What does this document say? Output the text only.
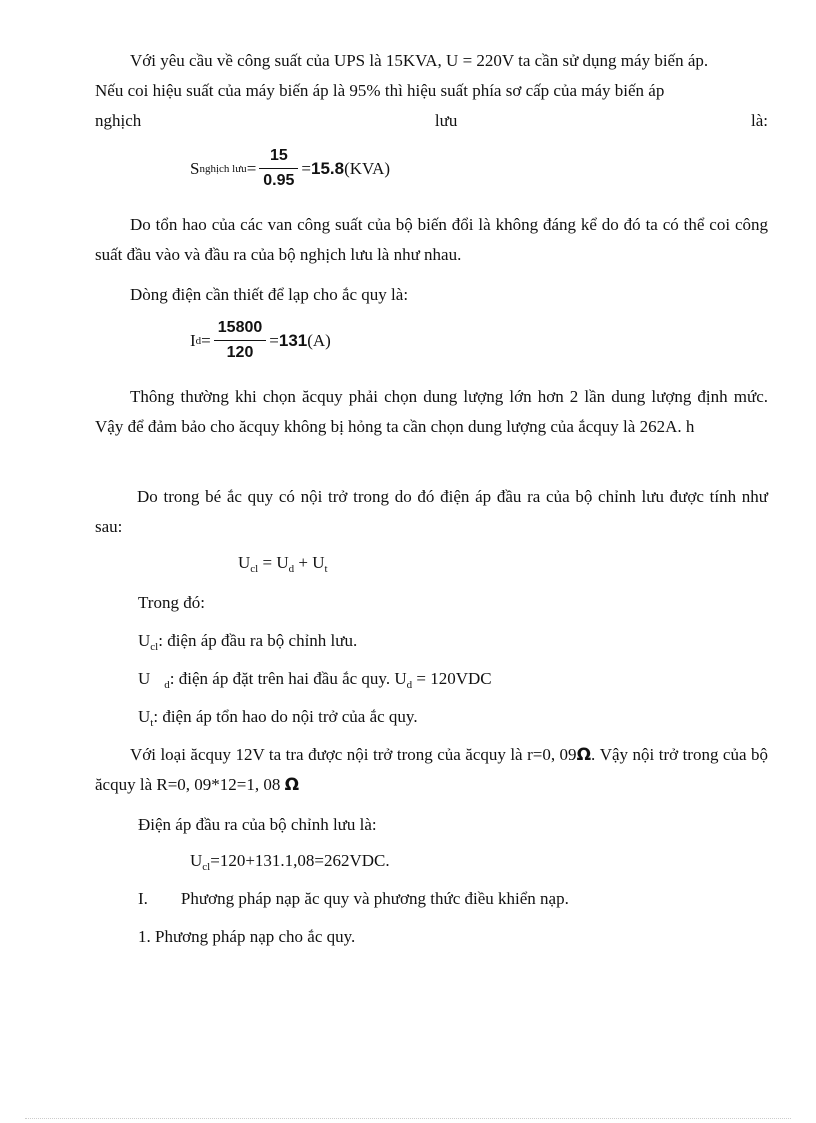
Với yêu cầu về công suất của UPS là 15KVA, U = 220V ta cần sử dụng máy biến áp.
Nếu coi hiệu suất của máy biến áp là 95% thì hiệu suất phía sơ cấp của máy biến áp
nghịch	lưu	là:
S nghịch lưu = $\frac{15}{0.95} = 15.8$ (KVA)
Do tổn hao của các van công suất của bộ biến đổi là không đáng kể do đó ta có thể coi công suất đầu vào và đầu ra của bộ nghịch lưu là như nhau.
Dòng điện cần thiết để lạp cho ắc quy là:
I $d = \frac{15800}{120} = 131$ (A)
Thông thường khi chọn ăcquy phải chọn dung lượng lớn hơn 2 lần dung lượng định mức. Vậy để đảm bảo cho ăcquy không bị hỏng ta cần chọn dung lượng của ắcquy là 262A. h
Do trong bé ắc quy có nội trở trong do đó điện áp đầu ra của bộ chỉnh lưu được tính như sau:
$U_{cl} = U_d + U_t$
Trong đó:
$U_{cl}$: điện áp đầu ra bộ chỉnh lưu.
U $_d$: điện áp đặt trên hai đầu ắc quy. $U_d = 120VDC$
$U_t$: điện áp tổn hao do nội trở của ắc quy.
Với loại ăcquy 12V ta tra được nội trở trong của ăcquy là r=0, 09Ω. Vậy nội trở trong của bộ ăcquy là R=0, 09*12=1, 08 Ω
Điện áp đầu ra của bộ chỉnh lưu là:
$U_{cl}=120+131.1,08=262VDC$.
I. Phương pháp nạp ăc quy và phương thức điều khiển nạp.
1. Phương pháp nạp cho ắc quy.
